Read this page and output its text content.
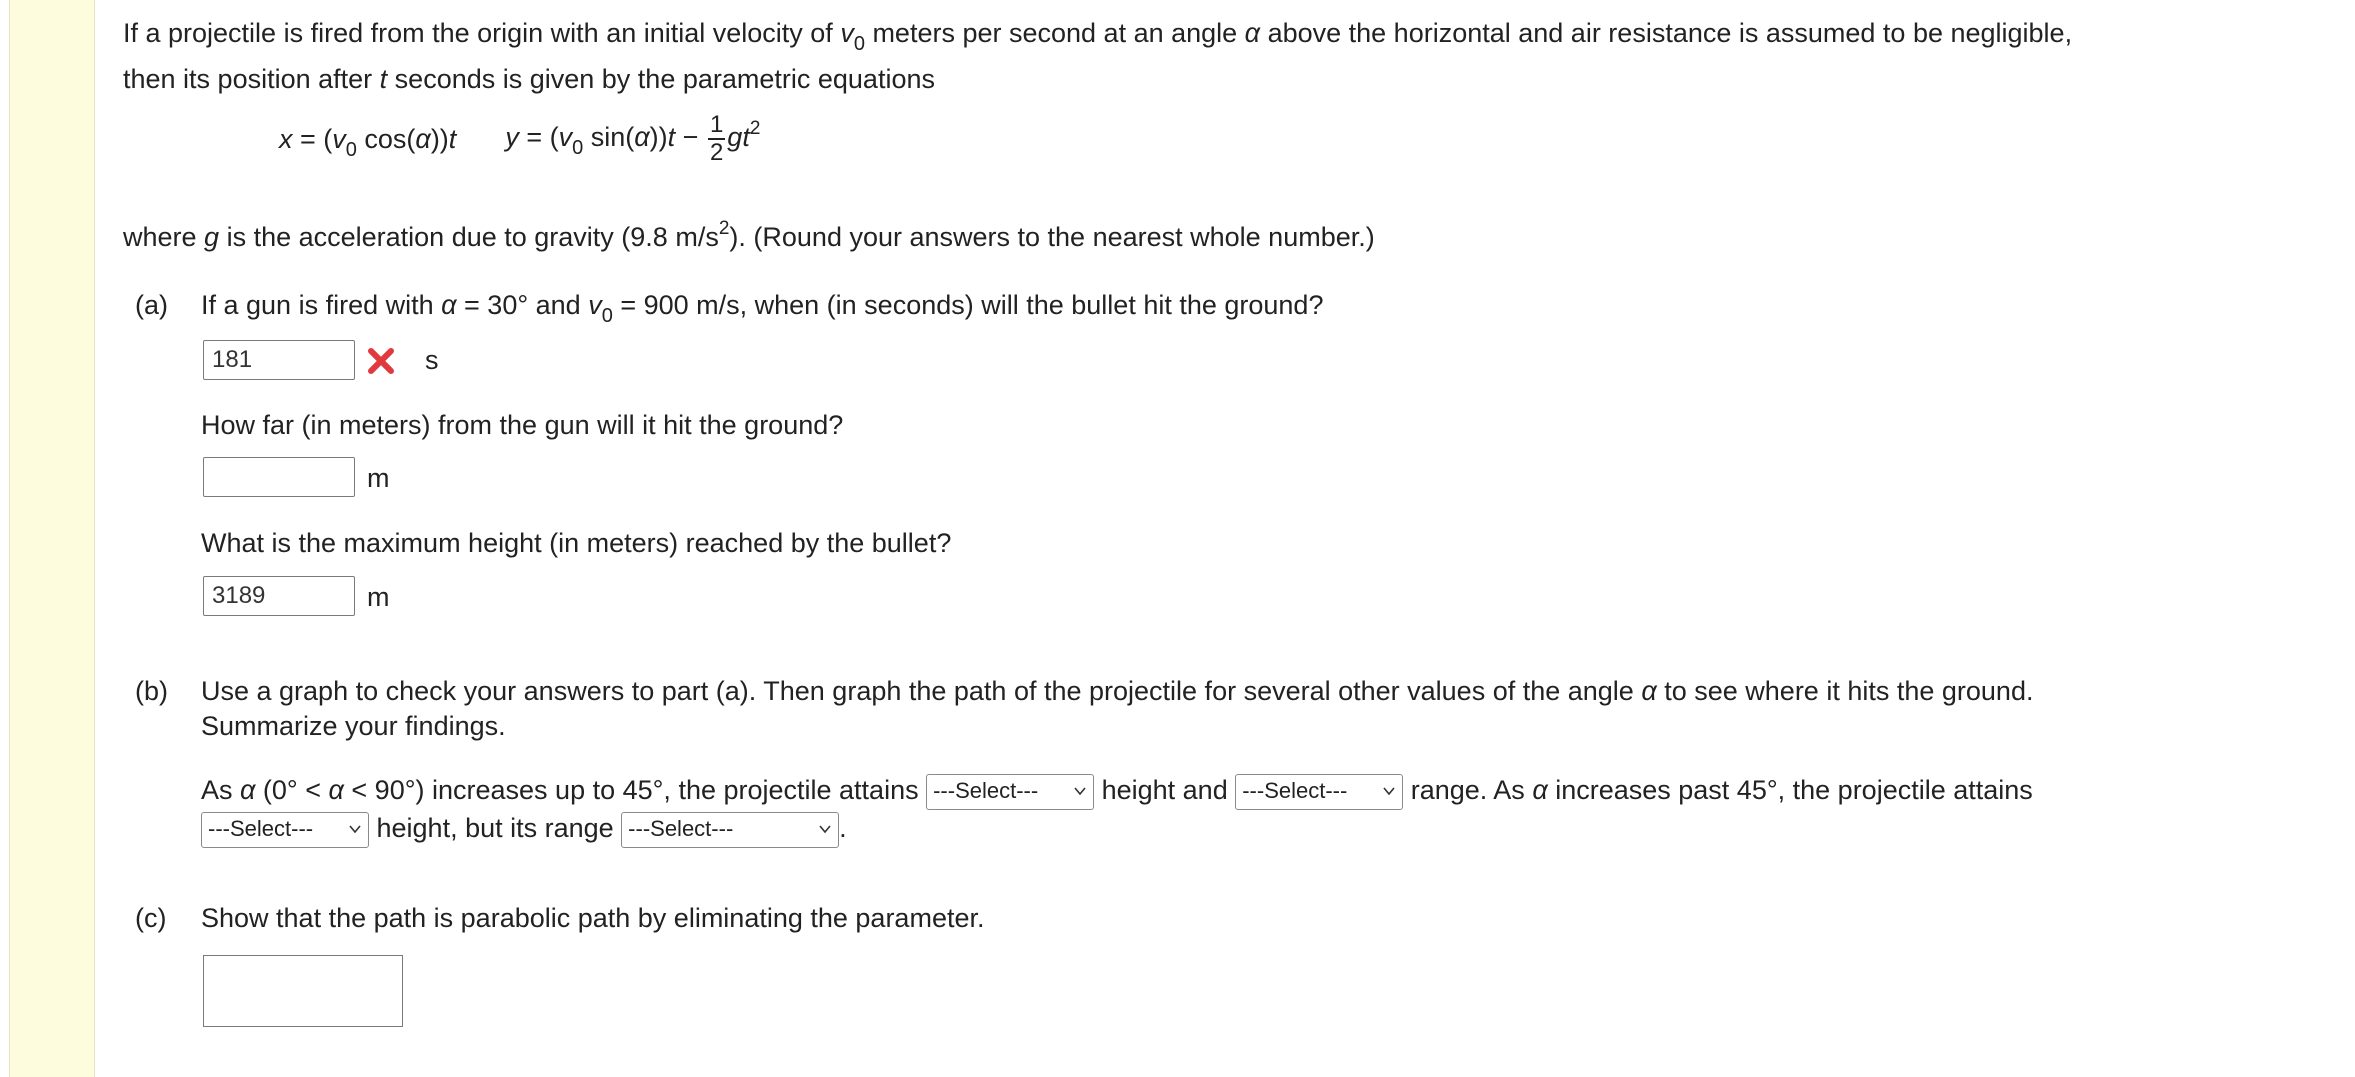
If a projectile is fired from the origin with an initial velocity of $v_0$ meters per second at an angle α above the horizontal and air resistance is assumed to be negligible,
then its position after t seconds is given by the parametric equations
$x = (v_0$ cos(α))t $y = (v_0$ $\sin(\alpha))t - \frac{1}{2} gt^2$
where g is the acceleration due to gravity (9.8 $m/s^2$). (Round your answers to the nearest whole number.)
(a) If a gun is fired with α = 30° and $v_0 = 900$ m/s, when (in seconds) will the bullet hit the ground?
181	s
How far (in meters) from the gun will it hit the ground?
m
What is the maximum height (in meters) reached by the bullet?
3189	m
(b) Use a graph to check your answers to part (a). Then graph the path of the projectile for several other values of the angle α to see where it hits the ground.
Summarize your findings.
As α (0° < α < 90°) increases up to 45°, the projectile attains ---Select---
height and ---Select---
range. As α increases past 45°, the projectile attains
---Select---
height, but its range ---Select---	.
(c) Show that the path is parabolic path by eliminating the parameter.
